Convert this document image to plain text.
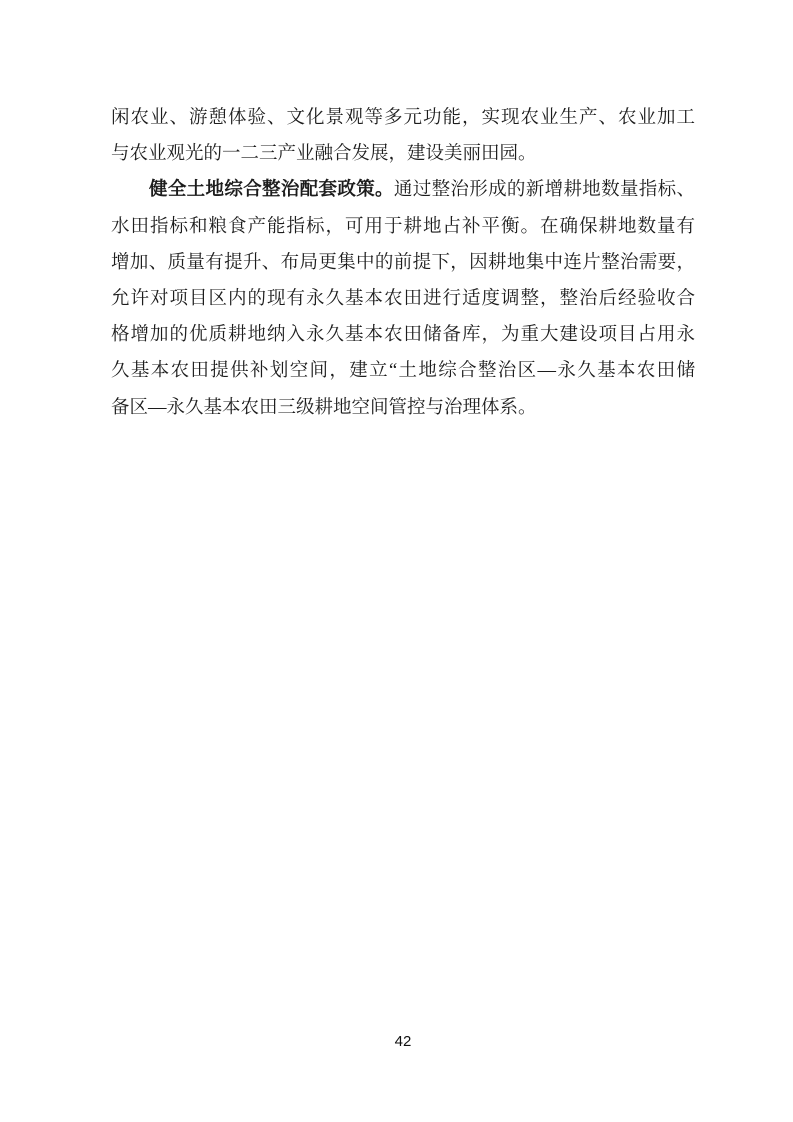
闲农业、游憩体验、文化景观等多元功能，实现农业生产、农业加工
与农业观光的一二三产业融合发展，建设美丽田园。
健全土地综合整治配套政策。通过整治形成的新增耕地数量指标、
水田指标和粮食产能指标，可用于耕地占补平衡。在确保耕地数量有
增加、质量有提升、布局更集中的前提下，因耕地集中连片整治需要，
允许对项目区内的现有永久基本农田进行适度调整，整治后经验收合
格增加的优质耕地纳入永久基本农田储备库，为重大建设项目占用永
久基本农田提供补划空间，建立“土地综合整治区—永久基本农田储
备区—永久基本农田三级耕地空间管控与治理体系。
42
